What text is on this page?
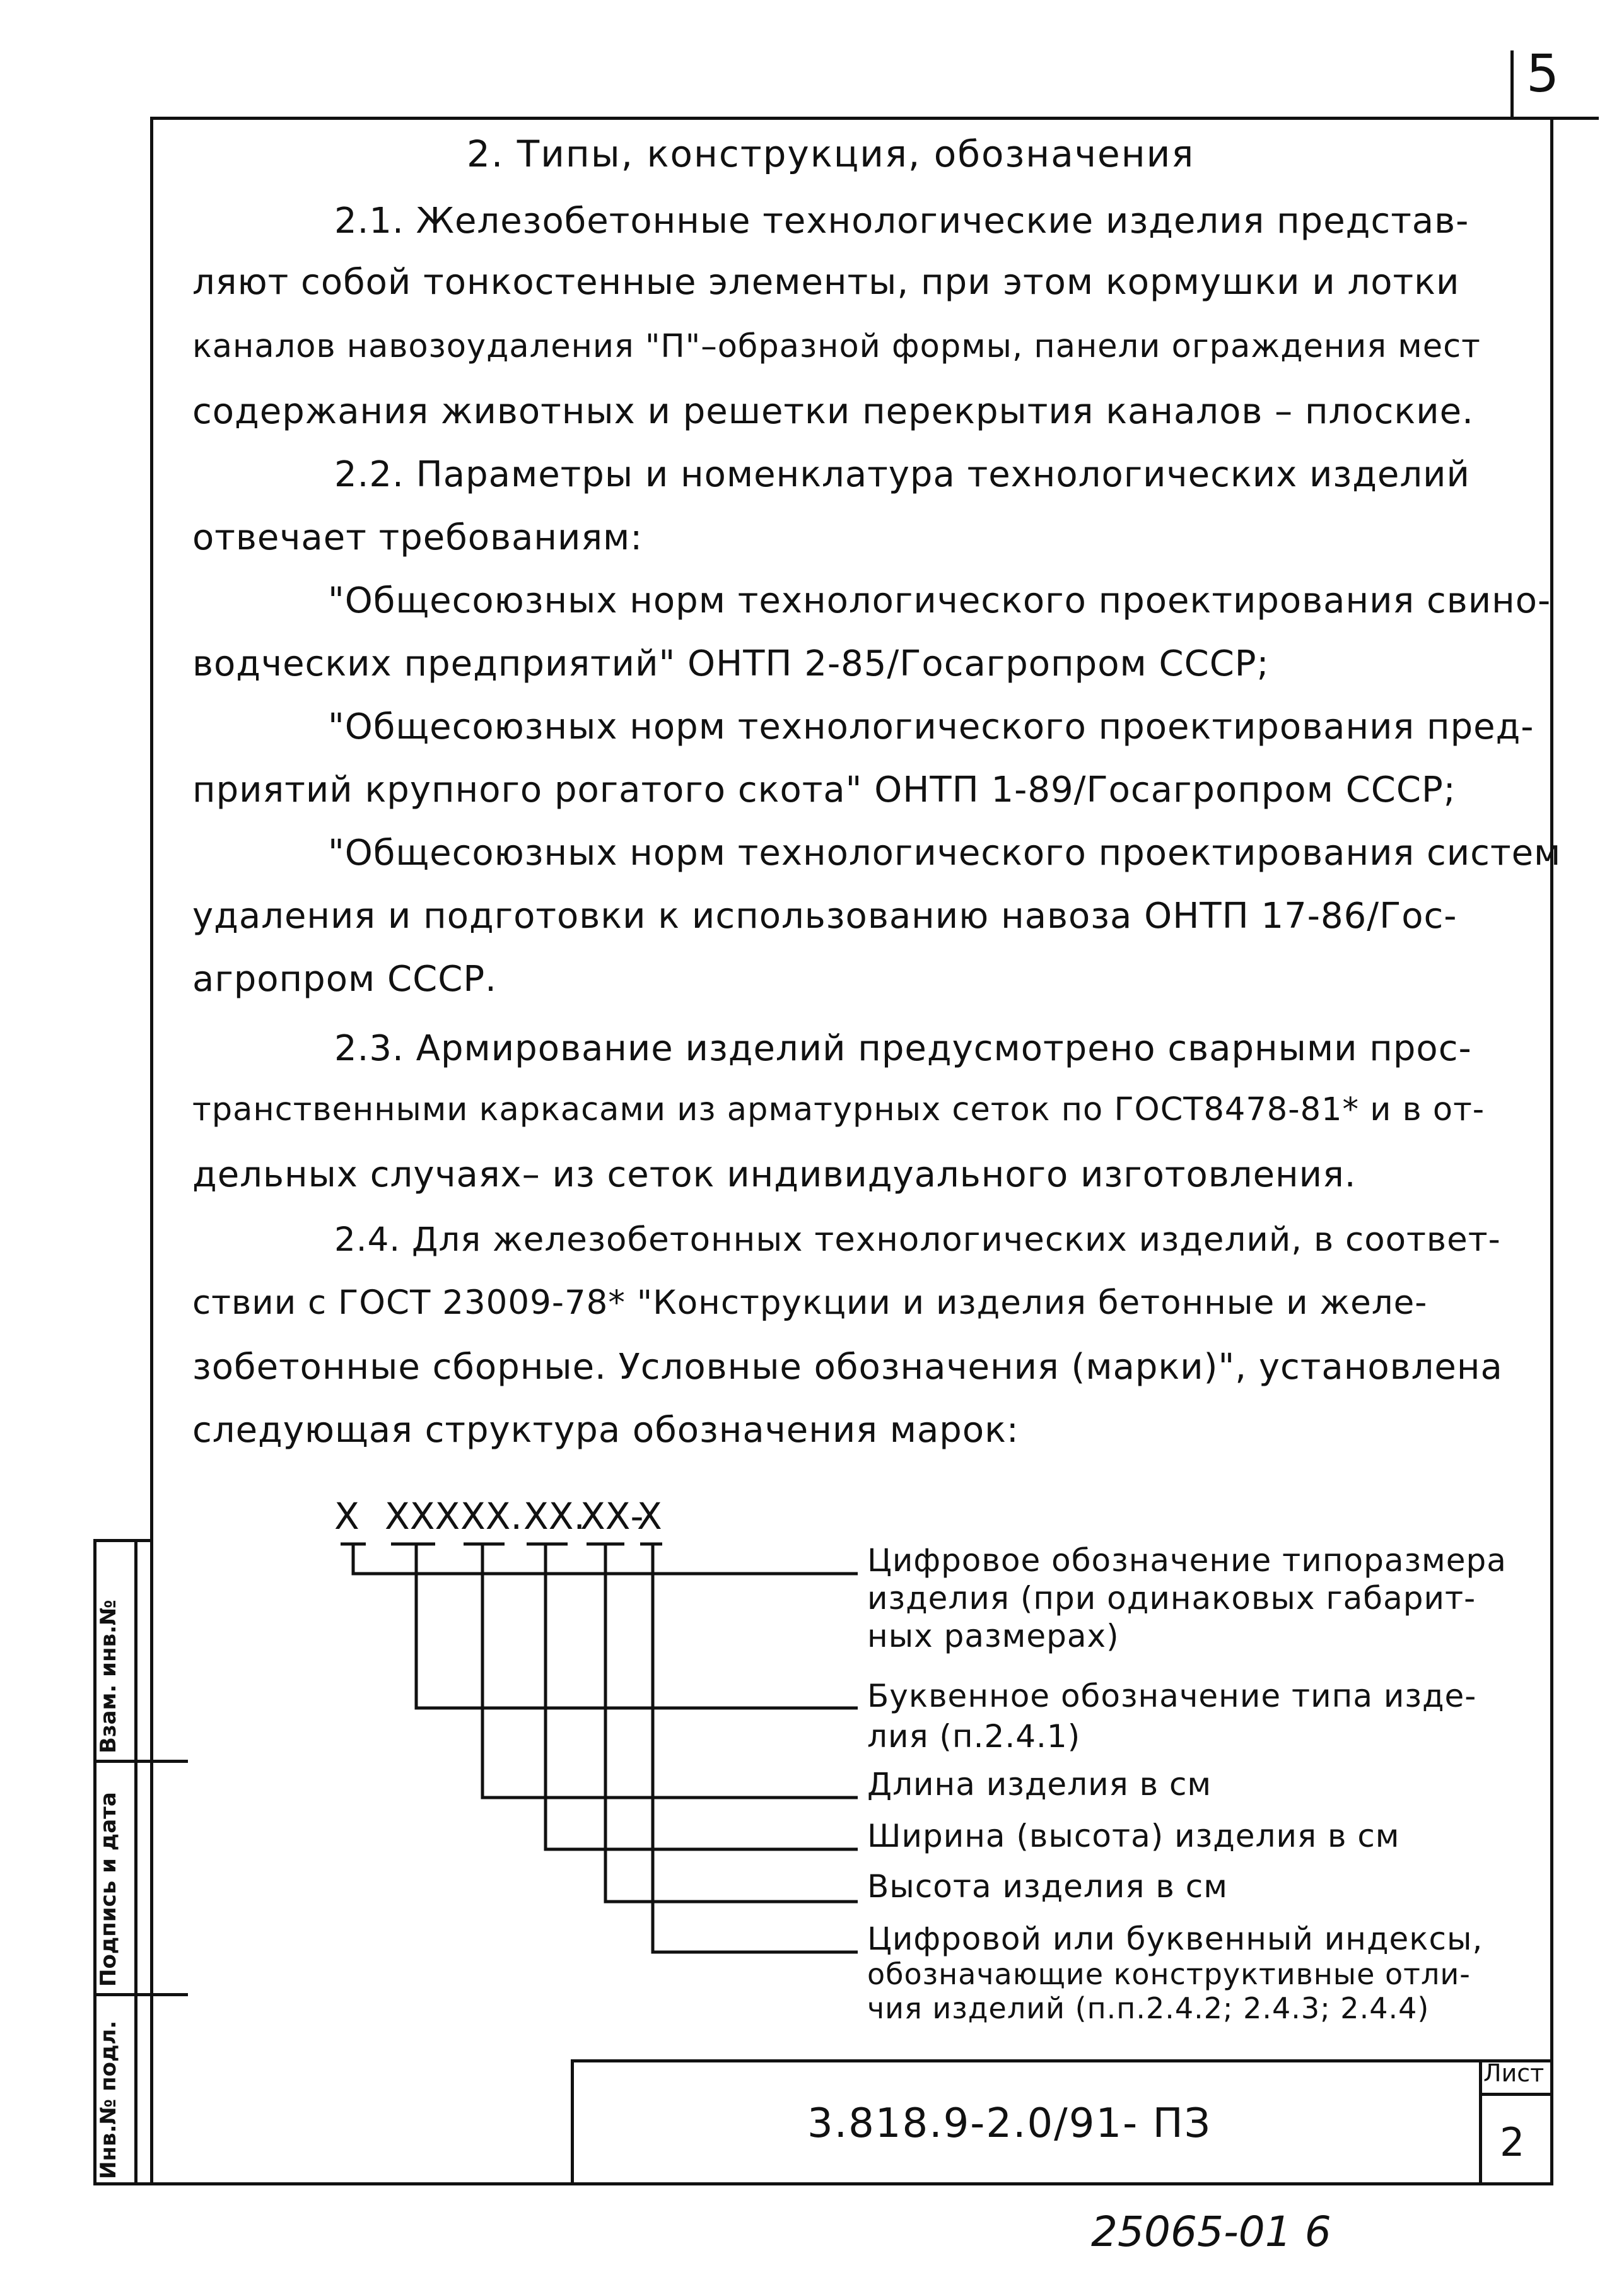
5
Инв.№ подл.
Подпись и дата
Взам. инв.№
2. Типы, конструкция, обозначения
2.1. Железобетонные технологические изделия представ-
ляют собой тонкостенные элементы, при этом кормушки и лотки
каналов навозоудаления "П"–образной формы, панели ограждения мест
содержания животных и решетки перекрытия каналов – плоские.
2.2. Параметры и номенклатура технологических изделий
отвечает требованиям:
"Общесоюзных норм технологического проектирования свино-
водческих предприятий" ОНТП 2-85/Госагропром СССР;
"Общесоюзных норм технологического проектирования пред-
приятий крупного рогатого скота" ОНТП 1-89/Госагропром СССР;
"Общесоюзных норм технологического проектирования систем
удаления и подготовки к использованию навоза ОНТП 17-86/Гос-
агропром СССР.
2.3. Армирование изделий предусмотрено сварными прос-
транственными каркасами из арматурных сеток по ГОСТ8478-81* и в от-
дельных случаях– из сеток индивидуального изготовления.
2.4. Для железобетонных технологических изделий, в соответ-
ствии с ГОСТ 23009-78* "Конструкции и изделия бетонные и желе-
зобетонные сборные. Условные обозначения (марки)", установлена
следующая структура обозначения марок:
Х ХХХ ХХ. ХХ.
ХХ-
Х
Цифровое обозначение типоразмера
изделия (при одинаковых габарит-
ных размерах)
Буквенное обозначение типа изде-
лия (п.2.4.1)
Длина изделия в см
Ширина (высота) изделия в см
Высота изделия в см
Цифровой или буквенный индексы,
обозначающие конструктивные отли-
чия изделий (п.п.2.4.2; 2.4.3; 2.4.4)
3.818.9-2.0/91- ПЗ
Лист
2
25065-01 6
